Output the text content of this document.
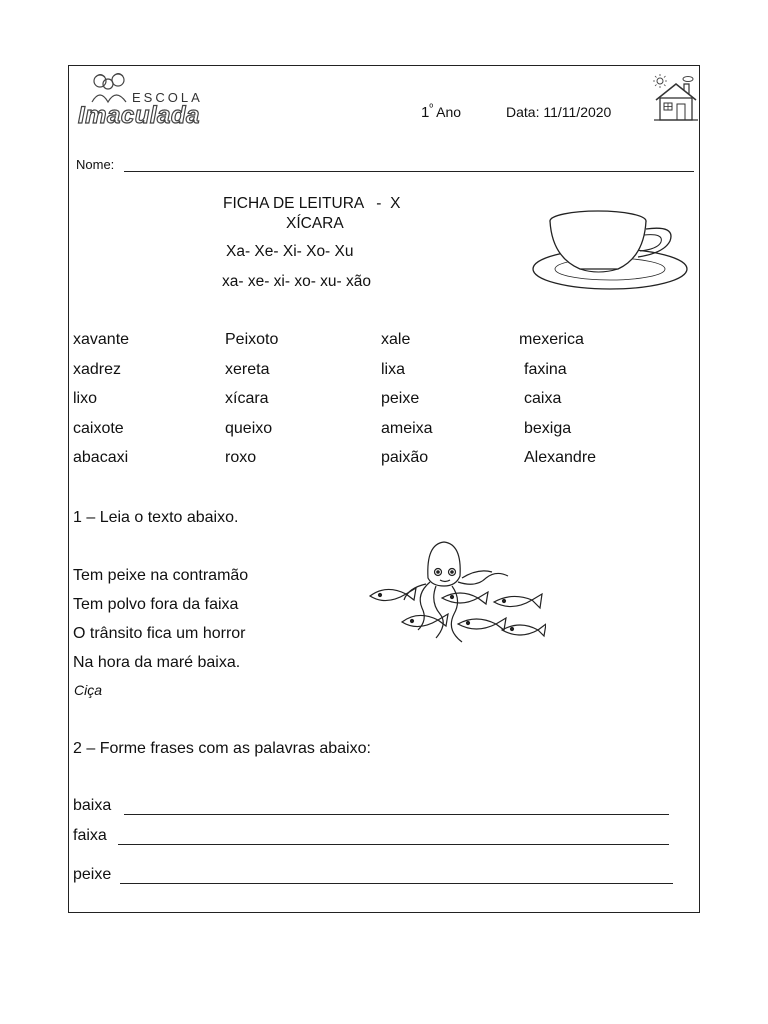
ESCOLA
Imaculada	$1^º$ Ano	Data: 11/11/2020
Nome:
FICHA DE LEITURA   -  X
XÍCARA
Xa- Xe- Xi- Xo- Xu
xa- xe- xi- xo- xu- xão
xavante	Peixoto	xale	mexerica
xadrez	xereta	lixa	faxina
lixo	xícara	peixe	caixa
caixote	queixo	ameixa	bexiga
abacaxi	roxo	paixão	Alexandre
1 – Leia o texto abaixo.
Tem peixe na contramão
Tem polvo fora da faixa
O trânsito fica um horror
Na hora da maré baixa.
Ciça
2 – Forme frases com as palavras abaixo:
baixa
faixa
peixe
